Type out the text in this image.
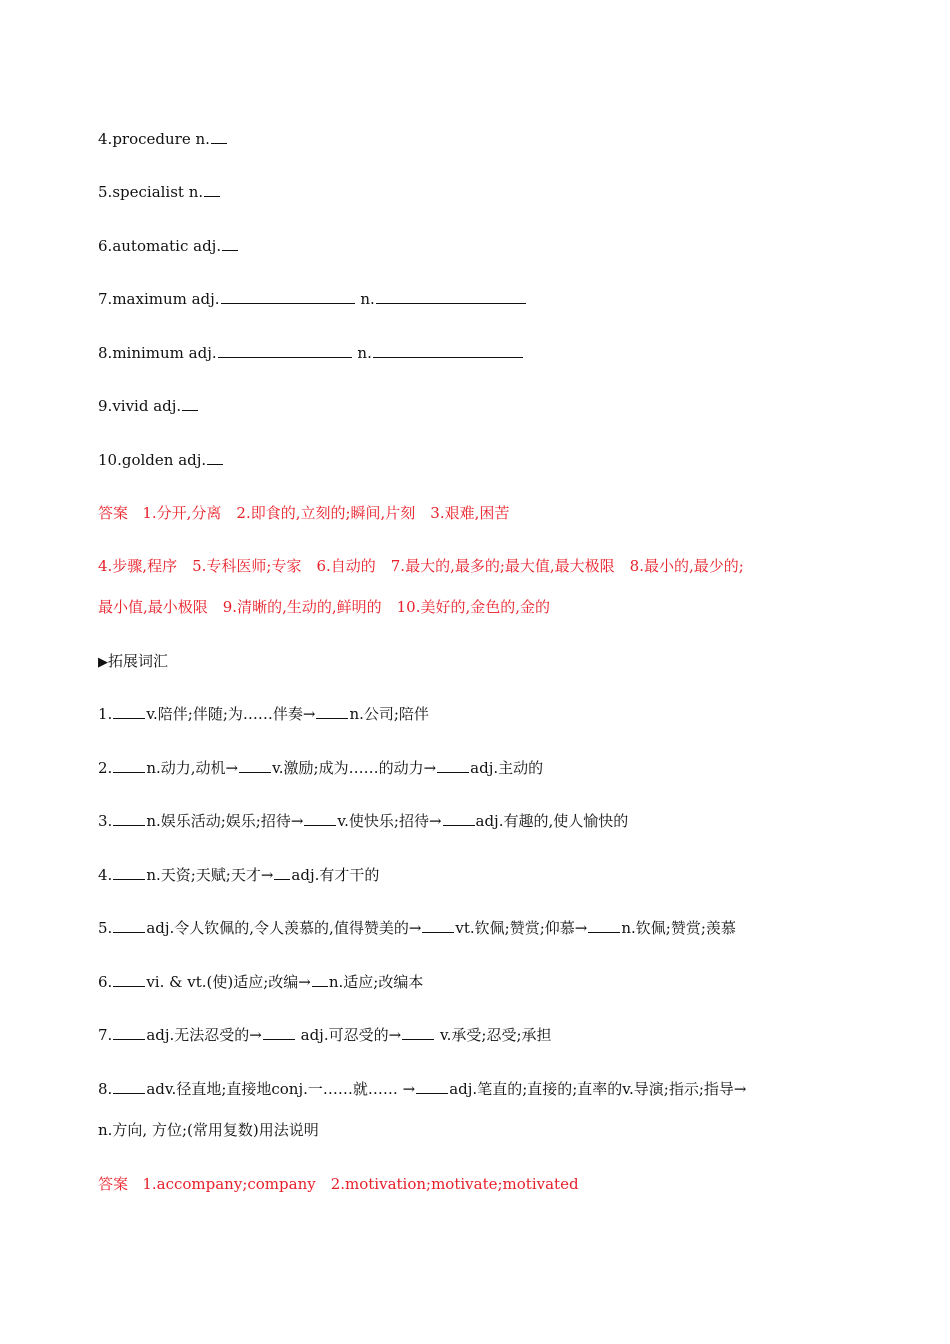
4.procedure n.
5.specialist n.
6.automatic adj.
7.maximum adj.	n.
8.minimum adj.	n.
9.vivid adj.
10.golden adj.
答案 1.分开,分离　2.即食的,立刻的;瞬间,片刻　3.艰难,困苦
4.步骤,程序　5.专科医师;专家　6.自动的　7.最大的,最多的;最大值,最大极限　8.最小的,最少的;
最小值,最小极限　9.清晰的,生动的,鲜明的　10.美好的,金色的,金的
▶拓展词汇
1. v.陪伴;伴随;为……伴奏→ n.公司;陪伴
2. n.动力,动机→ v.激励;成为……的动力→ adj.主动的
3. n.娱乐活动;娱乐;招待→ v.使快乐;招待→ adj.有趣的,使人愉快的
4. n.天资;天赋;天才→ adj.有才干的
5. adj.令人钦佩的,令人羡慕的,值得赞美的→ vt.钦佩;赞赏;仰慕→ n.钦佩;赞赏;羡慕
6. vi. & vt.(使)适应;改编→ n.适应;改编本
7. adj.无法忍受的→ adj.可忍受的→ v.承受;忍受;承担
8. adv.径直地;直接地conj.一……就…… → adj.笔直的;直接的;直率的v.导演;指示;指导→
n.方向, 方位;(常用复数)用法说明
答案 1.accompany;company　2.motivation;motivate;motivated
